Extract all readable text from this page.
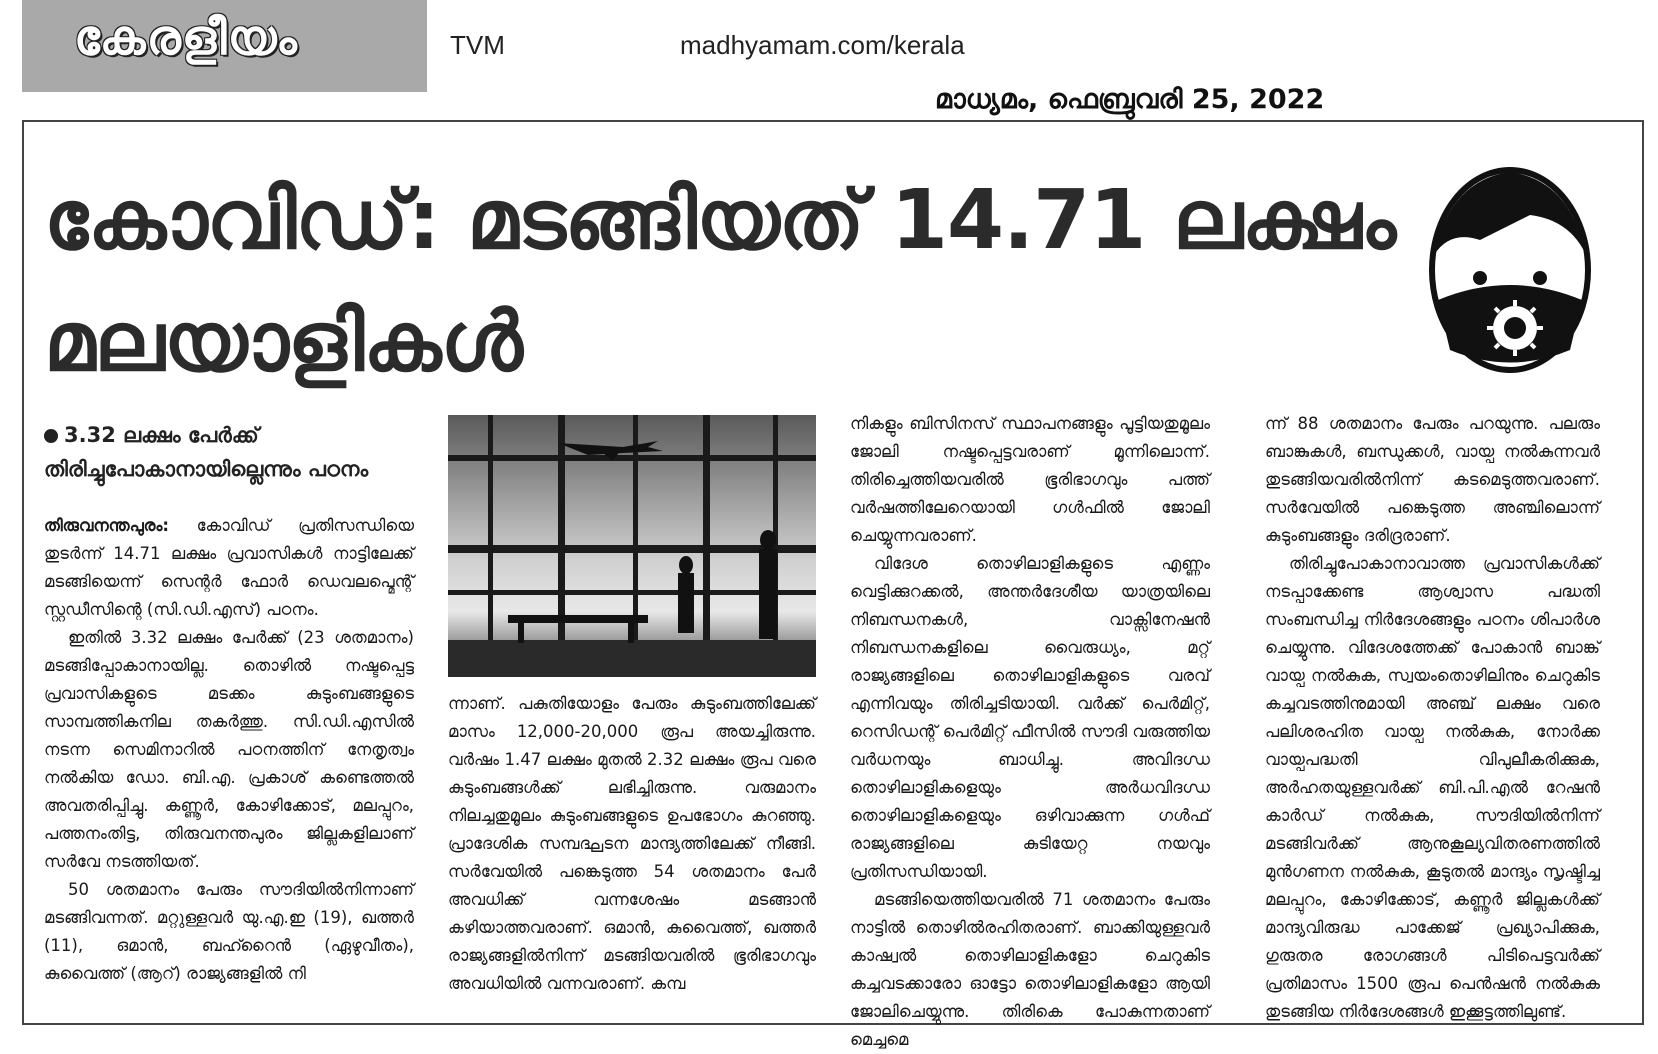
കേരളീയം	TVM	madhyamam.com/kerala
മാധ്യമം, ഫെബ്രുവരി 25, 2022
കോവിഡ്: മടങ്ങിയത് 14.71 ലക്ഷം
മലയാളികൾ
3.32 ലക്ഷം പേർക്ക് തിരിച്ചുപോകാനായില്ലെന്നും പഠനം

തിരുവനന്തപുരം: കോവിഡ് പ്രതിസന്ധിയെ തുടർന്ന് 14.71 ലക്ഷം പ്രവാസികൾ നാട്ടിലേക്ക് മടങ്ങിയെന്ന് സെന്റർ ഫോർ ഡെവലപ്മെന്റ് സ്റ്റഡീസിന്റെ (സി.ഡി.എസ്) പഠനം.

ഇതിൽ 3.32 ലക്ഷം പേർക്ക് (23 ശതമാനം) മടങ്ങിപ്പോകാനായില്ല. തൊഴിൽ നഷ്ടപ്പെട്ട പ്രവാസികളുടെ മടക്കം കുടുംബങ്ങളുടെ സാമ്പത്തികനില തകർത്തു. സി.ഡി.എസിൽ നടന്ന സെമിനാറിൽ പഠനത്തിന് നേതൃത്വം നൽകിയ ഡോ. ബി.എ. പ്രകാശ് കണ്ടെത്തൽ അവതരിപ്പിച്ചു. കണ്ണൂർ, കോഴിക്കോട്, മലപ്പുറം, പത്തനംതിട്ട, തിരുവനന്തപുരം ജില്ലകളിലാണ് സർവേ നടത്തിയത്.

50 ശതമാനം പേരും സൗദിയിൽനിന്നാണ് മടങ്ങിവന്നത്. മറ്റുള്ളവർ യു.എ.ഇ (19), ഖത്തർ (11), ഒമാൻ, ബഹ്റൈൻ (ഏഴുവീതം), കുവൈത്ത് (ആറ്) രാജ്യങ്ങളിൽ നി

ന്നാണ്. പകുതിയോളം പേരും കുടുംബത്തിലേക്ക് മാസം 12,000-20,000 രൂപ അയച്ചിരുന്നു. വർഷം 1.47 ലക്ഷം മുതൽ 2.32 ലക്ഷം രൂപ വരെ കുടുംബങ്ങൾക്ക് ലഭിച്ചിരുന്നു. വരുമാനം നിലച്ചതുമൂലം കുടുംബങ്ങളുടെ ഉപഭോഗം കുറഞ്ഞു. പ്രാദേശിക സമ്പദ്ഘടന മാന്ദ്യത്തിലേക്ക് നീങ്ങി. സർവേയിൽ പങ്കെടുത്ത 54 ശതമാനം പേർ അവധിക്ക് വന്നശേഷം മടങ്ങാൻ കഴിയാത്തവരാണ്. ഒമാൻ, കുവൈത്ത്, ഖത്തർ രാജ്യങ്ങളിൽനിന്ന് മടങ്ങിയവരിൽ ഭൂരിഭാഗവും അവധിയിൽ വന്നവരാണ്. കമ്പ

നികളും ബിസിനസ് സ്ഥാപനങ്ങളും പൂട്ടിയതുമൂലം ജോലി നഷ്ടപ്പെട്ടവരാണ് മൂന്നിലൊന്ന്. തിരിച്ചെത്തിയവരിൽ ഭൂരിഭാഗവും പത്ത് വർഷത്തിലേറെയായി ഗൾഫിൽ ജോലി ചെയ്യുന്നവരാണ്.

വിദേശ തൊഴിലാളികളുടെ എണ്ണം വെട്ടിക്കുറക്കൽ, അന്തർദേശീയ യാത്രയിലെ നിബന്ധനകൾ, വാക്സിനേഷൻ നിബന്ധനകളിലെ വൈരുധ്യം, മറ്റ് രാജ്യങ്ങളിലെ തൊഴിലാളികളുടെ വരവ് എന്നിവയും തിരിച്ചടിയായി. വർക്ക് പെർമിറ്റ്, റെസിഡന്റ് പെർമിറ്റ് ഫീസിൽ സൗദി വരുത്തിയ വർധനയും ബാധിച്ചു. അവിദഗ്ധ തൊഴിലാളികളെയും അർധവിദഗ്ധ തൊഴിലാളികളെയും ഒഴിവാക്കുന്ന ഗൾഫ് രാജ്യങ്ങളിലെ കുടിയേറ്റ നയവും പ്രതിസന്ധിയായി.

മടങ്ങിയെത്തിയവരിൽ 71 ശതമാനം പേരും നാട്ടിൽ തൊഴിൽരഹിതരാണ്. ബാക്കിയുള്ളവർ കാഷ്വൽ തൊഴിലാളികളോ ചെറുകിട കച്ചവടക്കാരോ ഓട്ടോ തൊഴിലാളികളോ ആയി ജോലിചെയ്യുന്നു. തിരികെ പോകുന്നതാണ് മെച്ചമെ

ന്ന് 88 ശതമാനം പേരും പറയുന്നു. പലരും ബാങ്കുകൾ, ബന്ധുക്കൾ, വായ്പ നൽകുന്നവർ തുടങ്ങിയവരിൽനിന്ന് കടമെടുത്തവരാണ്. സർവേയിൽ പങ്കെടുത്ത അഞ്ചിലൊന്ന് കുടുംബങ്ങളും ദരിദ്രരാണ്.

തിരിച്ചുപോകാനാവാത്ത പ്രവാസികൾക്ക് നടപ്പാക്കേണ്ട ആശ്വാസ പദ്ധതി സംബന്ധിച്ച നിർദേശങ്ങളും പഠനം ശിപാർശ ചെയ്യുന്നു. വിദേശത്തേക്ക് പോകാൻ ബാങ്ക് വായ്പ നൽകുക, സ്വയംതൊഴിലിനും ചെറുകിട കച്ചവടത്തിനുമായി അഞ്ച് ലക്ഷം വരെ പലിശരഹിത വായ്പ നൽകുക, നോർക്ക വായ്പപദ്ധതി വിപുലീകരിക്കുക, അർഹതയുള്ളവർക്ക് ബി.പി.എൽ റേഷൻ കാർഡ് നൽകുക, സൗദിയിൽനിന്ന് മടങ്ങിവർക്ക് ആനുകൂല്യവിതരണത്തിൽ മുൻഗണന നൽകുക, കൂടുതൽ മാന്ദ്യം സൃഷ്ടിച്ച മലപ്പുറം, കോഴിക്കോട്, കണ്ണൂർ ജില്ലകൾക്ക് മാന്ദ്യവിരുദ്ധ പാക്കേജ് പ്രഖ്യാപിക്കുക, ഗുരുതര രോഗങ്ങൾ പിടിപെട്ടവർക്ക് പ്രതിമാസം 1500 രൂപ പെൻഷൻ നൽകുക തുടങ്ങിയ നിർദേശങ്ങൾ ഇക്കൂട്ടത്തിലുണ്ട്.
